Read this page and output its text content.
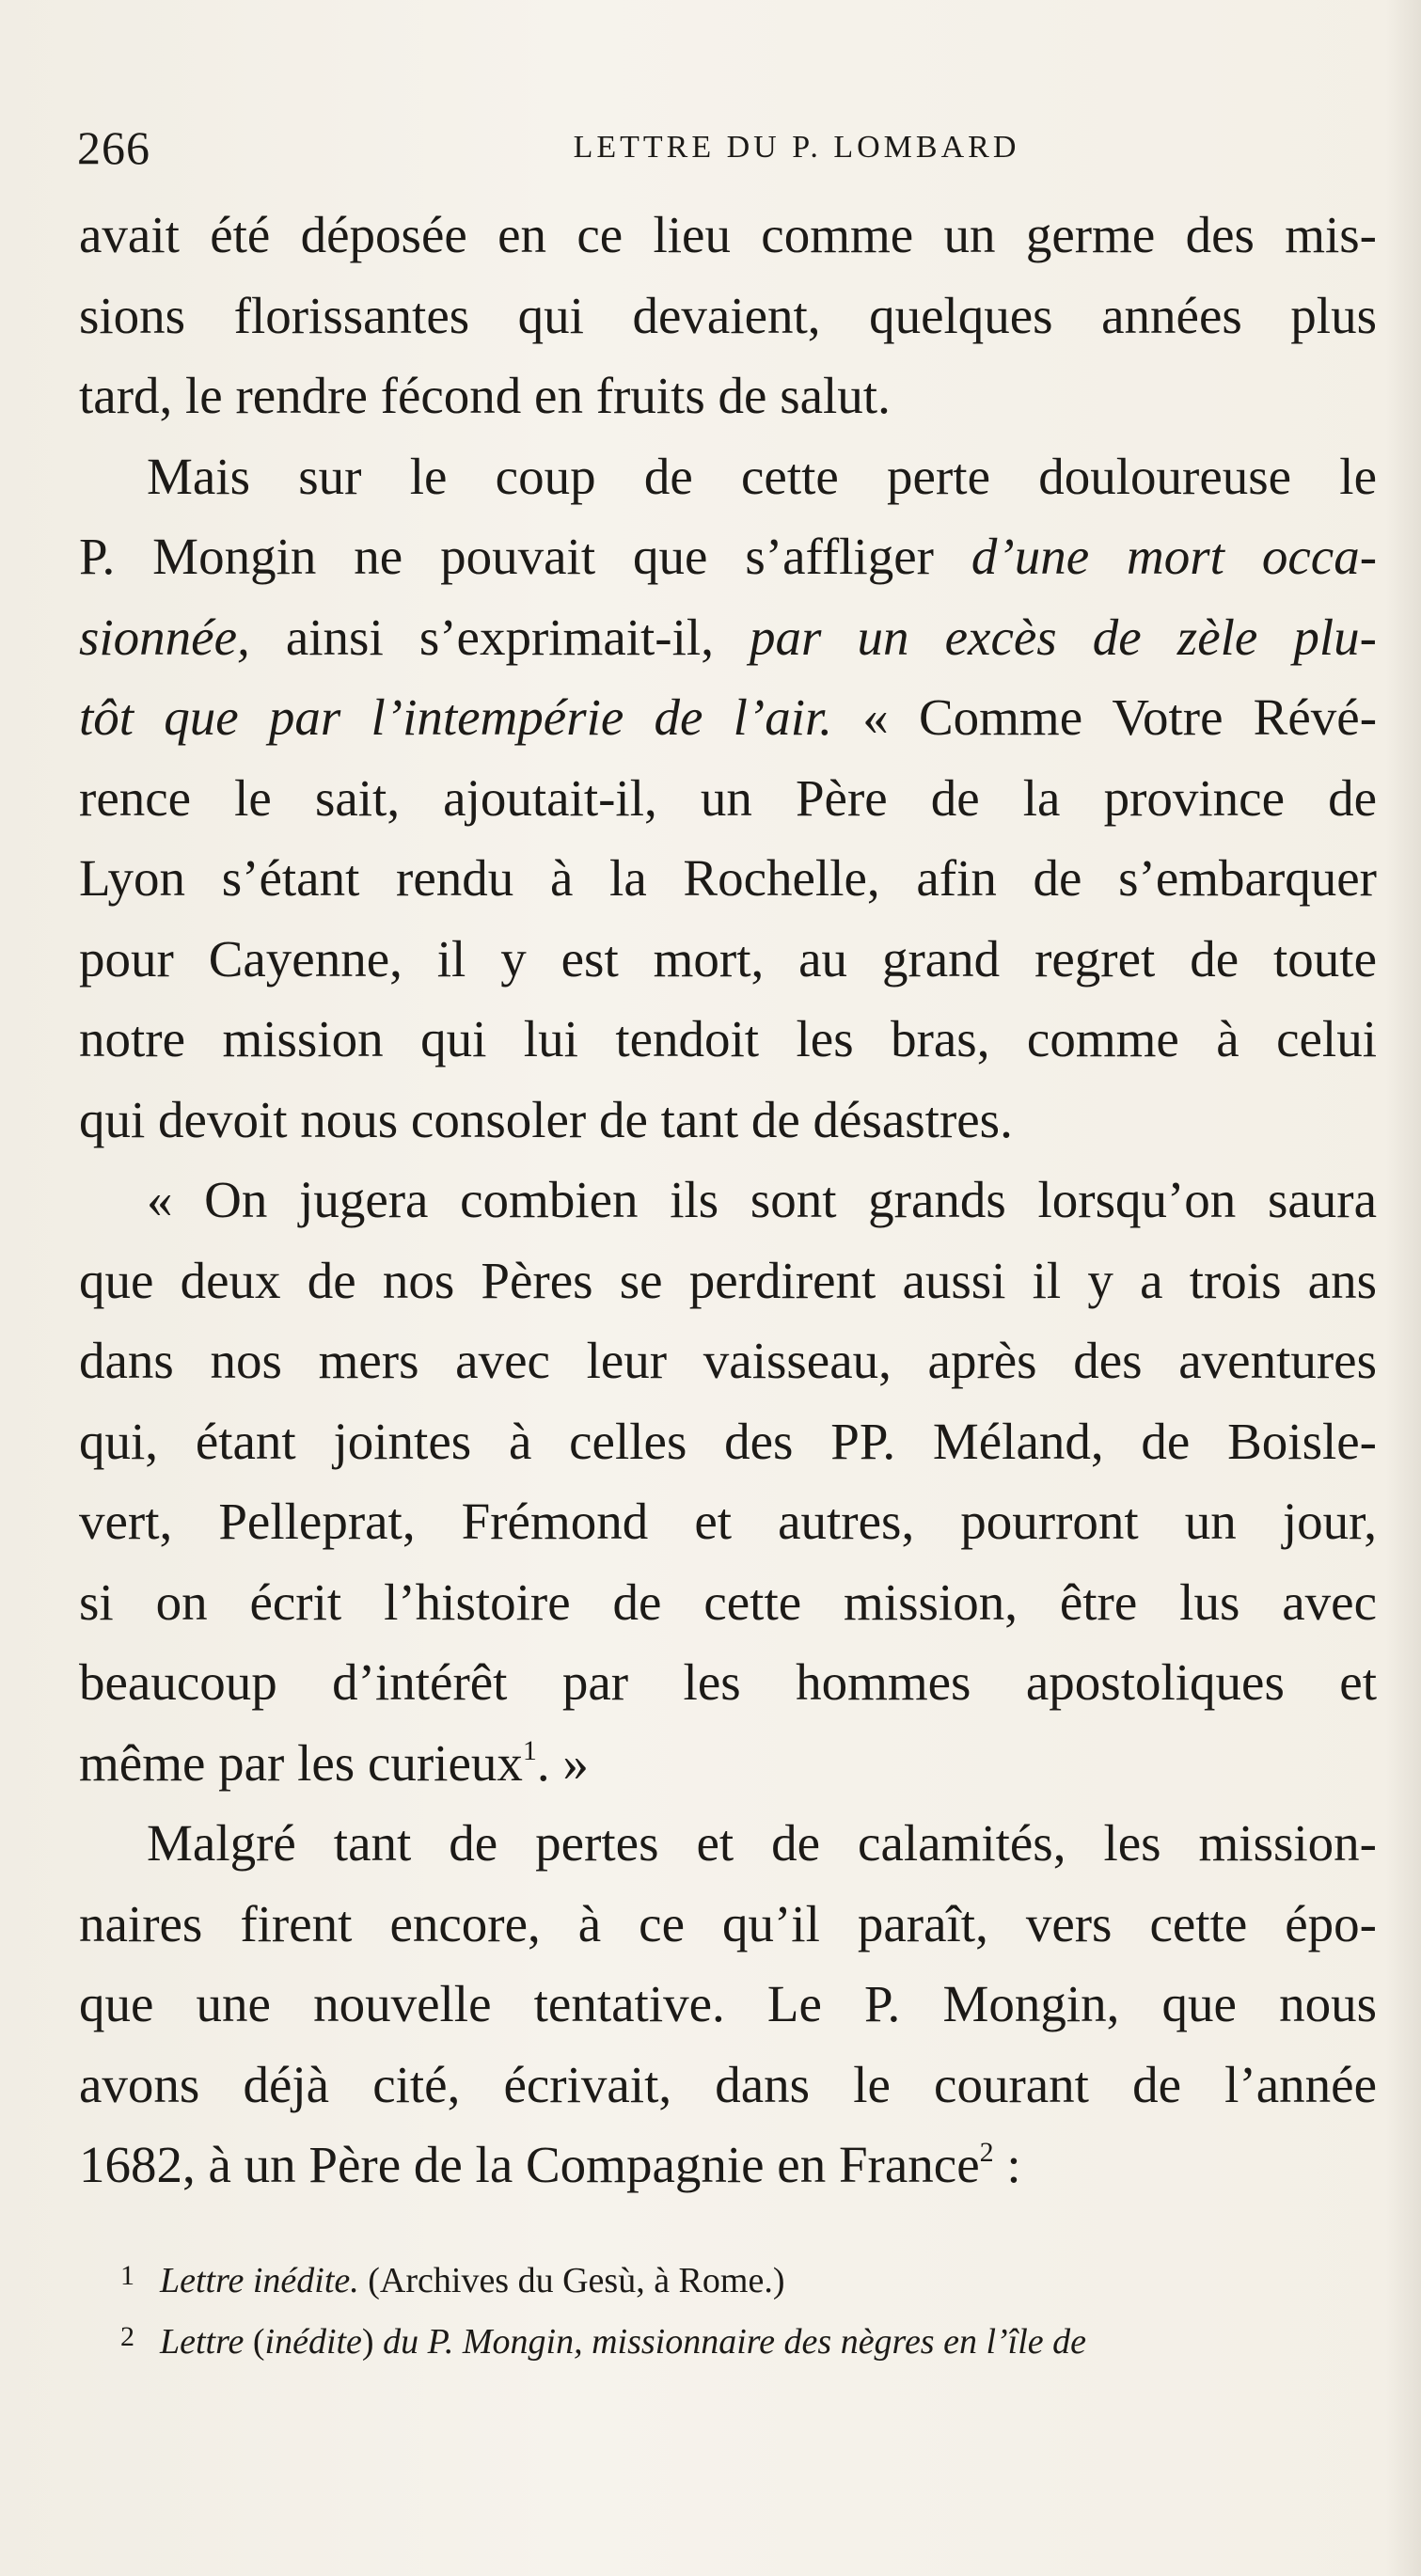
266	LETTRE DU P. LOMBARD
avait été déposée en ce lieu comme un germe des mis-
sions florissantes qui devaient, quelques années plus
tard, le rendre fécond en fruits de salut.
Mais sur le coup de cette perte douloureuse le
P. Mongin ne pouvait que s’affliger d’une mort occa-
sionnée, ainsi s’exprimait-il, par un excès de zèle plu-
tôt que par l’intempérie de l’air. « Comme Votre Révé-
rence le sait, ajoutait-il, un Père de la province de
Lyon s’étant rendu à la Rochelle, afin de s’embarquer
pour Cayenne, il y est mort, au grand regret de toute
notre mission qui lui tendoit les bras, comme à celui
qui devoit nous consoler de tant de désastres.
« On jugera combien ils sont grands lorsqu’on saura
que deux de nos Pères se perdirent aussi il y a trois ans
dans nos mers avec leur vaisseau, après des aventures
qui, étant jointes à celles des PP. Méland, de Boisle-
vert, Pelleprat, Frémond et autres, pourront un jour,
si on écrit l’histoire de cette mission, être lus avec
beaucoup d’intérêt par les hommes apostoliques et
même par les curieux$^1$. »
Malgré tant de pertes et de calamités, les mission-
naires firent encore, à ce qu’il paraît, vers cette épo-
que une nouvelle tentative. Le P. Mongin, que nous
avons déjà cité, écrivait, dans le courant de l’année
1682, à un Père de la Compagnie en France$^2$ :
1 Lettre inédite. (Archives du Gesù, à Rome.)
2 Lettre (inédite) du P. Mongin, missionnaire des nègres en l’île de
